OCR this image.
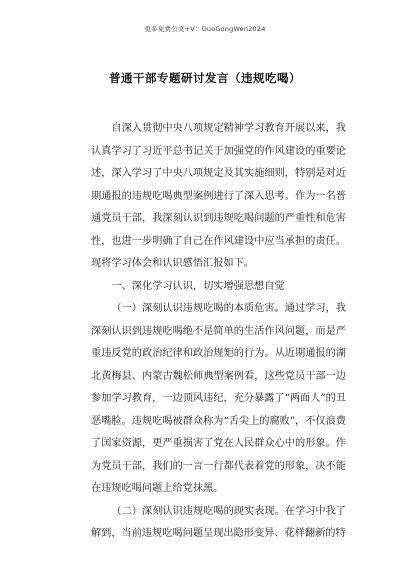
更多免费公文+V：GuoGongWen2024
普通干部专题研讨发言（违规吃喝）

自深入贯彻中央八项规定精神学习教育开展以来，我认真学习了习近平总书记关于加强党的作风建设的重要论述，深入学习了中央八项规定及其实施细则，特别是对近期通报的违规吃喝典型案例进行了深入思考。作为一名普通党员干部，我深刻认识到违规吃喝问题的严重性和危害性，也进一步明确了自己在作风建设中应当承担的责任。现将学习体会和认识感悟汇报如下。

一、深化学习认识，切实增强思想自觉

（一）深刻认识违规吃喝的本质危害。通过学习，我深刻认识到违规吃喝绝不是简单的生活作风问题，而是严重违反党的政治纪律和政治规矩的行为。从近期通报的湖北黄梅县、内蒙古魏松师典型案例看，这些党员干部一边参加学习教育，一边顶风违纪，充分暴露了“两面人”的丑恶嘴脸。违规吃喝被群众称为“舌尖上的腐败”，不仅浪费了国家资源，更严重损害了党在人民群众心中的形象。作为党员干部，我们的一言一行都代表着党的形象，决不能在违规吃喝问题上给党抹黑。

（二）深刻认识违规吃喝的现实表现。在学习中我了解到，当前违规吃喝问题呈现出隐形变异、花样翻新的特
